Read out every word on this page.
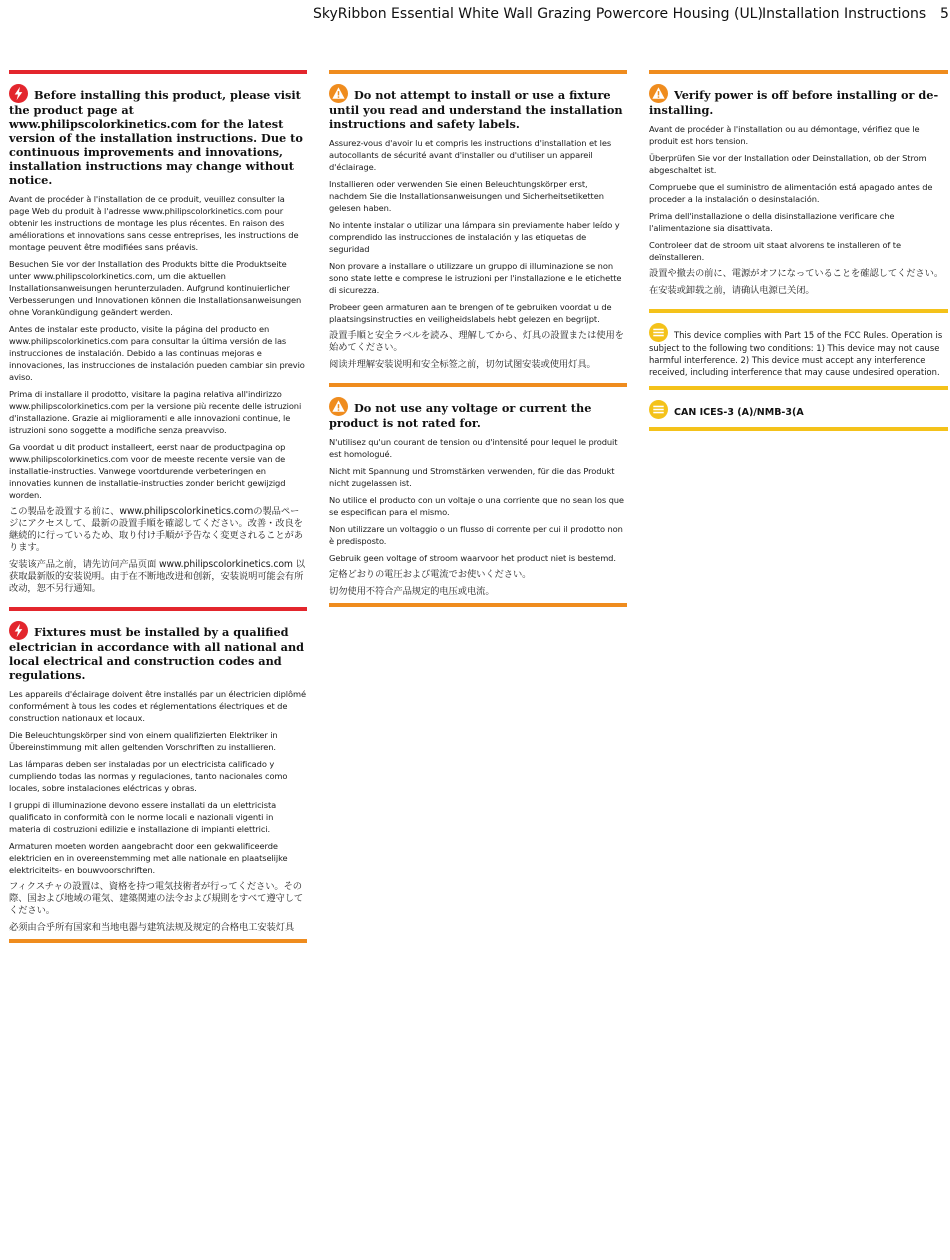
SkyRibbon Essential White Wall Grazing Powercore Housing (UL) Installation Instructions 5
Before installing this product, please visit the product page at www.philipscolorkinetics.com for the latest version of the installation instructions. Due to continuous improvements and innovations, installation instructions may change without notice.

Avant de procéder à l'installation de ce produit, veuillez consulter la page Web du produit à l'adresse www.philipscolorkinetics.com pour obtenir les instructions de montage les plus récentes. En raison des améliorations et innovations sans cesse entreprises, les instructions de montage peuvent être modifiées sans préavis.

Besuchen Sie vor der Installation des Produkts bitte die Produktseite unter www.philipscolorkinetics.com, um die aktuellen Installationsanweisungen herunterzuladen. Aufgrund kontinuierlicher Verbesserungen und Innovationen können die Installationsanweisungen ohne Vorankündigung geändert werden.

Antes de instalar este producto, visite la página del producto en www.philipscolorkinetics.com para consultar la última versión de las instrucciones de instalación. Debido a las continuas mejoras e innovaciones, las instrucciones de instalación pueden cambiar sin previo aviso.

Prima di installare il prodotto, visitare la pagina relativa all'indirizzo www.philipscolorkinetics.com per la versione più recente delle istruzioni d'installazione. Grazie ai miglioramenti e alle innovazioni continue, le istruzioni sono soggette a modifiche senza preavviso.

Ga voordat u dit product installeert, eerst naar de productpagina op www.philipscolorkinetics.com voor de meeste recente versie van de installatie-instructies. Vanwege voortdurende verbeteringen en innovaties kunnen de installatie-instructies zonder bericht gewijzigd worden.

この製品を設置する前に、www.philipscolorkinetics.comの製品ページにアクセスして、最新の設置手順を確認してください。改善・改良を継続的に行っているため、取り付け手順が予告なく変更されることがあります。

安装该产品之前，请先访问产品页面 www.philipscolorkinetics.com 以获取最新版的安装说明。由于在不断地改进和创新，安装说明可能会有所改动，恕不另行通知。

Fixtures must be installed by a qualified electrician in accordance with all national and local electrical and construction codes and regulations.

Les appareils d'éclairage doivent être installés par un électricien diplômé conformément à tous les codes et réglementations électriques et de construction nationaux et locaux.

Die Beleuchtungskörper sind von einem qualifizierten Elektriker in Übereinstimmung mit allen geltenden Vorschriften zu installieren.

Las lámparas deben ser instaladas por un electricista calificado y cumpliendo todas las normas y regulaciones, tanto nacionales como locales, sobre instalaciones eléctricas y obras.

I gruppi di illuminazione devono essere installati da un elettricista qualificato in conformità con le norme locali e nazionali vigenti in materia di costruzioni edilizie e installazione di impianti elettrici.

Armaturen moeten worden aangebracht door een gekwalificeerde elektricien en in overeenstemming met alle nationale en plaatselijke elektriciteits- en bouwvoorschriften.

フィクスチャの設置は、資格を持つ電気技術者が行ってください。その際、国および地域の電気、建築関連の法令および規則をすべて遵守してください。

必须由合乎所有国家和当地电器与建筑法规及规定的合格电工安装灯具

Do not attempt to install or use a fixture until you read and understand the installation instructions and safety labels.

Assurez-vous d'avoir lu et compris les instructions d'installation et les autocollants de sécurité avant d'installer ou d'utiliser un appareil d'éclairage.

Installieren oder verwenden Sie einen Beleuchtungskörper erst, nachdem Sie die Installationsanweisungen und Sicherheitsetiketten gelesen haben.

No intente instalar o utilizar una lámpara sin previamente haber leído y comprendido las instrucciones de instalación y las etiquetas de seguridad

Non provare a installare o utilizzare un gruppo di illuminazione se non sono state lette e comprese le istruzioni per l'installazione e le etichette di sicurezza.

Probeer geen armaturen aan te brengen of te gebruiken voordat u de plaatsingsinstructies en veiligheidslabels hebt gelezen en begrijpt.

設置手順と安全ラベルを読み、理解してから、灯具の設置または使用を始めてください。

阅读并理解安装说明和安全标签之前，切勿试图安装或使用灯具。

Do not use any voltage or current the product is not rated for.

N'utilisez qu'un courant de tension ou d'intensité pour lequel le produit est homologué.

Nicht mit Spannung und Stromstärken verwenden, für die das Produkt nicht zugelassen ist.

No utilice el producto con un voltaje o una corriente que no sean los que se especifican para el mismo.

Non utilizzare un voltaggio o un flusso di corrente per cui il prodotto non è predisposto.

Gebruik geen voltage of stroom waarvoor het product niet is bestemd.

定格どおりの電圧および電流でお使いください。

切勿使用不符合产品规定的电压或电流。

Verify power is off before installing or de-installing.

Avant de procéder à l'installation ou au démontage, vérifiez que le produit est hors tension.

Überprüfen Sie vor der Installation oder Deinstallation, ob der Strom abgeschaltet ist.

Compruebe que el suministro de alimentación está apagado antes de proceder a la instalación o desinstalación.

Prima dell'installazione o della disinstallazione verificare che l'alimentazione sia disattivata.

Controleer dat de stroom uit staat alvorens te installeren of te deïnstalleren.

設置や撤去の前に、電源がオフになっていることを確認してください。

在安装或卸载之前，请确认电源已关闭。

This device complies with Part 15 of the FCC Rules. Operation is subject to the following two conditions: 1) This device may not cause harmful interference. 2) This device must accept any interference received, including interference that may cause undesired operation.
CAN ICES-3 (A)/NMB-3(A
